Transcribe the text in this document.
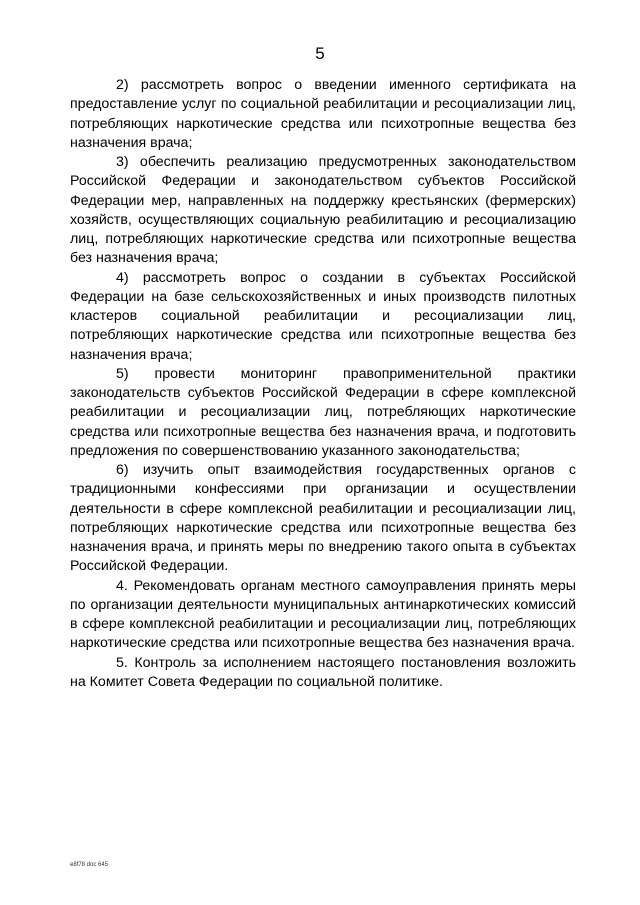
5

2) рассмотреть вопрос о введении именного сертификата на предоставление услуг по социальной реабилитации и ресоциализации лиц, потребляющих наркотические средства или психотропные вещества без назначения врача;

3) обеспечить реализацию предусмотренных законодательством Российской Федерации и законодательством субъектов Российской Федерации мер, направленных на поддержку крестьянских (фермерских) хозяйств, осуществляющих социальную реабилитацию и ресоциализацию лиц, потребляющих наркотические средства или психотропные вещества без назначения врача;

4) рассмотреть вопрос о создании в субъектах Российской Федерации на базе сельскохозяйственных и иных производств пилотных кластеров социальной реабилитации и ресоциализации лиц, потребляющих наркотические средства или психотропные вещества без назначения врача;

5) провести мониторинг правоприменительной практики законодательств субъектов Российской Федерации в сфере комплексной реабилитации и ресоциализации лиц, потребляющих наркотические средства или психотропные вещества без назначения врача, и подготовить предложения по совершенствованию указанного законодательства;

6) изучить опыт взаимодействия государственных органов с традиционными конфессиями при организации и осуществлении деятельности в сфере комплексной реабилитации и ресоциализации лиц, потребляющих наркотические средства или психотропные вещества без назначения врача, и принять меры по внедрению такого опыта в субъектах Российской Федерации.

4. Рекомендовать органам местного самоуправления принять меры по организации деятельности муниципальных антинаркотических комиссий в сфере комплексной реабилитации и ресоциализации лиц, потребляющих наркотические средства или психотропные вещества без назначения врача.

5. Контроль за исполнением настоящего постановления возложить на Комитет Совета Федерации по социальной политике.

e8f78 doc 645
